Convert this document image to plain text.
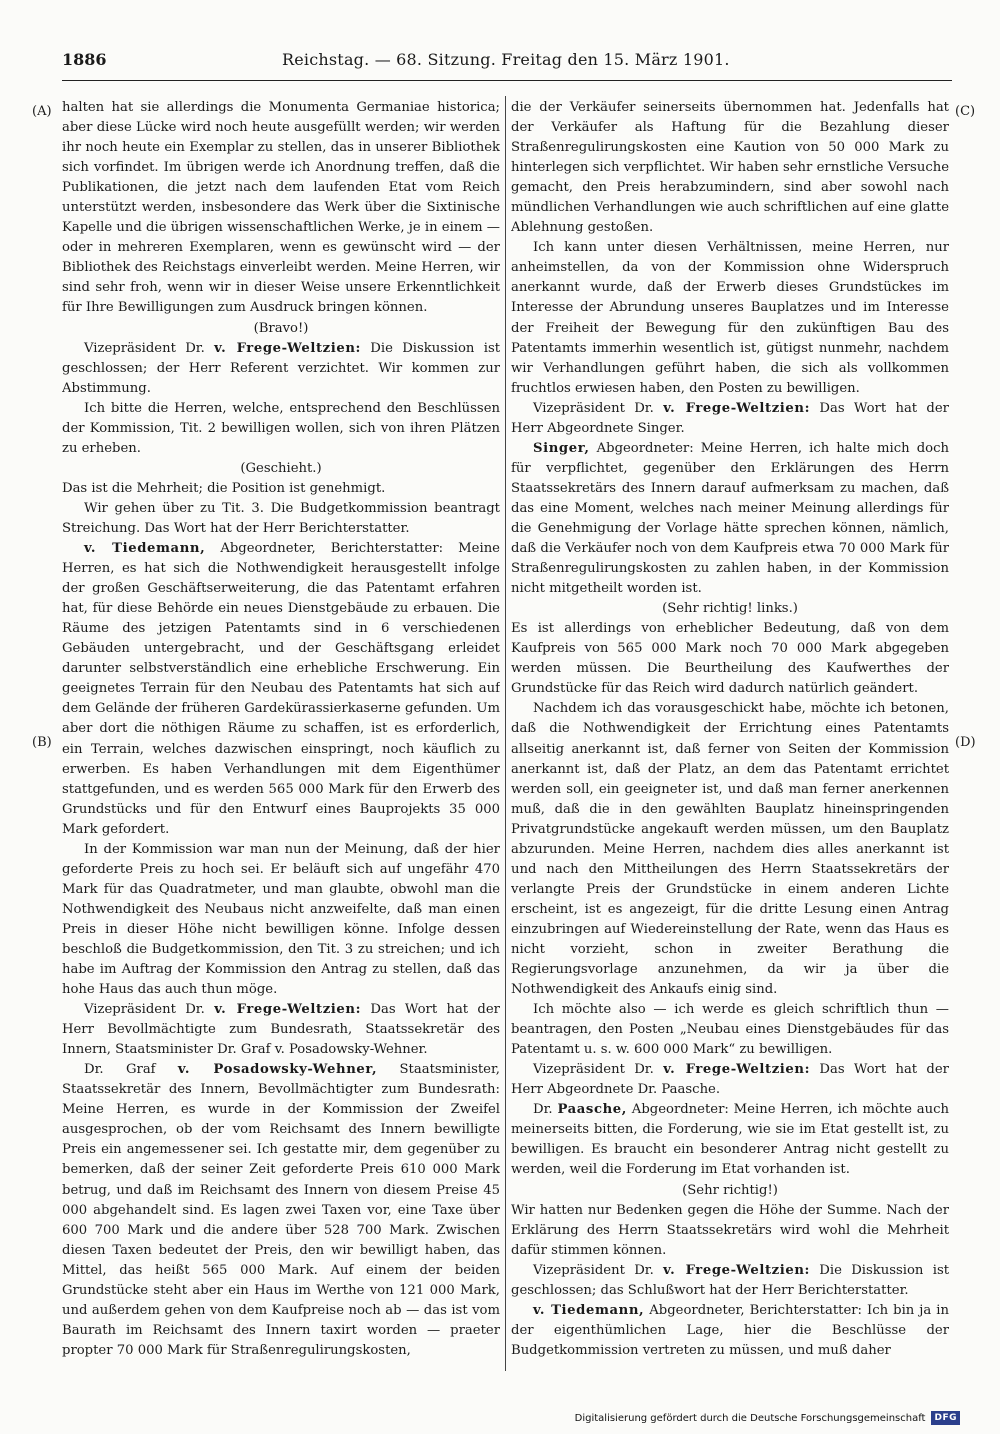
1886	Reichstag. — 68. Sitzung. Freitag den 15. März 1901.
(A)
(B)
(C)
(D)

halten hat sie allerdings die Monumenta Germaniae historica; aber diese Lücke wird noch heute ausgefüllt werden; wir werden ihr noch heute ein Exemplar zu stellen, das in unserer Bibliothek sich vorfindet. Im übrigen werde ich Anordnung treffen, daß die Publikationen, die jetzt nach dem laufenden Etat vom Reich unterstützt werden, insbesondere das Werk über die Sixtinische Kapelle und die übrigen wissenschaftlichen Werke, je in einem — oder in mehreren Exemplaren, wenn es gewünscht wird — der Bibliothek des Reichstags einverleibt werden. Meine Herren, wir sind sehr froh, wenn wir in dieser Weise unsere Erkenntlichkeit für Ihre Bewilligungen zum Ausdruck bringen können.

(Bravo!)

Vizepräsident Dr. v. Frege-Weltzien: Die Diskussion ist geschlossen; der Herr Referent verzichtet. Wir kommen zur Abstimmung.

Ich bitte die Herren, welche, entsprechend den Beschlüssen der Kommission, Tit. 2 bewilligen wollen, sich von ihren Plätzen zu erheben.

(Geschieht.)

Das ist die Mehrheit; die Position ist genehmigt.

Wir gehen über zu Tit. 3. Die Budgetkommission beantragt Streichung. Das Wort hat der Herr Berichterstatter.

v. Tiedemann, Abgeordneter, Berichterstatter: Meine Herren, es hat sich die Nothwendigkeit herausgestellt infolge der großen Geschäftserweiterung, die das Patentamt erfahren hat, für diese Behörde ein neues Dienstgebäude zu erbauen. Die Räume des jetzigen Patentamts sind in 6 verschiedenen Gebäuden untergebracht, und der Geschäftsgang erleidet darunter selbstverständlich eine erhebliche Erschwerung. Ein geeignetes Terrain für den Neubau des Patentamts hat sich auf dem Gelände der früheren Gardekürassierkaserne gefunden. Um aber dort die nöthigen Räume zu schaffen, ist es erforderlich, ein Terrain, welches dazwischen einspringt, noch käuflich zu erwerben. Es haben Verhandlungen mit dem Eigenthümer stattgefunden, und es werden 565 000 Mark für den Erwerb des Grundstücks und für den Entwurf eines Bauprojekts 35 000 Mark gefordert.

In der Kommission war man nun der Meinung, daß der hier geforderte Preis zu hoch sei. Er beläuft sich auf ungefähr 470 Mark für das Quadratmeter, und man glaubte, obwohl man die Nothwendigkeit des Neubaus nicht anzweifelte, daß man einen Preis in dieser Höhe nicht bewilligen könne. Infolge dessen beschloß die Budgetkommission, den Tit. 3 zu streichen; und ich habe im Auftrag der Kommission den Antrag zu stellen, daß das hohe Haus das auch thun möge.

Vizepräsident Dr. v. Frege-Weltzien: Das Wort hat der Herr Bevollmächtigte zum Bundesrath, Staatssekretär des Innern, Staatsminister Dr. Graf v. Posadowsky-Wehner.

Dr. Graf v. Posadowsky-Wehner, Staatsminister, Staatssekretär des Innern, Bevollmächtigter zum Bundesrath: Meine Herren, es wurde in der Kommission der Zweifel ausgesprochen, ob der vom Reichsamt des Innern bewilligte Preis ein angemessener sei. Ich gestatte mir, dem gegenüber zu bemerken, daß der seiner Zeit geforderte Preis 610 000 Mark betrug, und daß im Reichsamt des Innern von diesem Preise 45 000 abgehandelt sind. Es lagen zwei Taxen vor, eine Taxe über 600 700 Mark und die andere über 528 700 Mark. Zwischen diesen Taxen bedeutet der Preis, den wir bewilligt haben, das Mittel, das heißt 565 000 Mark. Auf einem der beiden Grundstücke steht aber ein Haus im Werthe von 121 000 Mark, und außerdem gehen von dem Kaufpreise noch ab — das ist vom Baurath im Reichsamt des Innern taxirt worden — praeter propter 70 000 Mark für Straßenregulirungskosten,

die der Verkäufer seinerseits übernommen hat. Jedenfalls hat der Verkäufer als Haftung für die Bezahlung dieser Straßenregulirungskosten eine Kaution von 50 000 Mark zu hinterlegen sich verpflichtet. Wir haben sehr ernstliche Versuche gemacht, den Preis herabzumindern, sind aber sowohl nach mündlichen Verhandlungen wie auch schriftlichen auf eine glatte Ablehnung gestoßen.

Ich kann unter diesen Verhältnissen, meine Herren, nur anheimstellen, da von der Kommission ohne Widerspruch anerkannt wurde, daß der Erwerb dieses Grundstückes im Interesse der Abrundung unseres Bauplatzes und im Interesse der Freiheit der Bewegung für den zukünftigen Bau des Patentamts immerhin wesentlich ist, gütigst nunmehr, nachdem wir Verhandlungen geführt haben, die sich als vollkommen fruchtlos erwiesen haben, den Posten zu bewilligen.

Vizepräsident Dr. v. Frege-Weltzien: Das Wort hat der Herr Abgeordnete Singer.

Singer, Abgeordneter: Meine Herren, ich halte mich doch für verpflichtet, gegenüber den Erklärungen des Herrn Staatssekretärs des Innern darauf aufmerksam zu machen, daß das eine Moment, welches nach meiner Meinung allerdings für die Genehmigung der Vorlage hätte sprechen können, nämlich, daß die Verkäufer noch von dem Kaufpreis etwa 70 000 Mark für Straßenregulirungskosten zu zahlen haben, in der Kommission nicht mitgetheilt worden ist.

(Sehr richtig! links.)

Es ist allerdings von erheblicher Bedeutung, daß von dem Kaufpreis von 565 000 Mark noch 70 000 Mark abgegeben werden müssen. Die Beurtheilung des Kaufwerthes der Grundstücke für das Reich wird dadurch natürlich geändert.

Nachdem ich das vorausgeschickt habe, möchte ich betonen, daß die Nothwendigkeit der Errichtung eines Patentamts allseitig anerkannt ist, daß ferner von Seiten der Kommission anerkannt ist, daß der Platz, an dem das Patentamt errichtet werden soll, ein geeigneter ist, und daß man ferner anerkennen muß, daß die in den gewählten Bauplatz hineinspringenden Privatgrundstücke angekauft werden müssen, um den Bauplatz abzurunden. Meine Herren, nachdem dies alles anerkannt ist und nach den Mittheilungen des Herrn Staatssekretärs der verlangte Preis der Grundstücke in einem anderen Lichte erscheint, ist es angezeigt, für die dritte Lesung einen Antrag einzubringen auf Wiedereinstellung der Rate, wenn das Haus es nicht vorzieht, schon in zweiter Berathung die Regierungsvorlage anzunehmen, da wir ja über die Nothwendigkeit des Ankaufs einig sind.

Ich möchte also — ich werde es gleich schriftlich thun — beantragen, den Posten „Neubau eines Dienstgebäudes für das Patentamt u. s. w. 600 000 Mark“ zu bewilligen.

Vizepräsident Dr. v. Frege-Weltzien: Das Wort hat der Herr Abgeordnete Dr. Paasche.

Dr. Paasche, Abgeordneter: Meine Herren, ich möchte auch meinerseits bitten, die Forderung, wie sie im Etat gestellt ist, zu bewilligen. Es braucht ein besonderer Antrag nicht gestellt zu werden, weil die Forderung im Etat vorhanden ist.

(Sehr richtig!)

Wir hatten nur Bedenken gegen die Höhe der Summe. Nach der Erklärung des Herrn Staatssekretärs wird wohl die Mehrheit dafür stimmen können.

Vizepräsident Dr. v. Frege-Weltzien: Die Diskussion ist geschlossen; das Schlußwort hat der Herr Berichterstatter.

v. Tiedemann, Abgeordneter, Berichterstatter: Ich bin ja in der eigenthümlichen Lage, hier die Beschlüsse der Budgetkommission vertreten zu müssen, und muß daher

Digitalisierung gefördert durch die Deutsche Forschungsgemeinschaft	DFG
